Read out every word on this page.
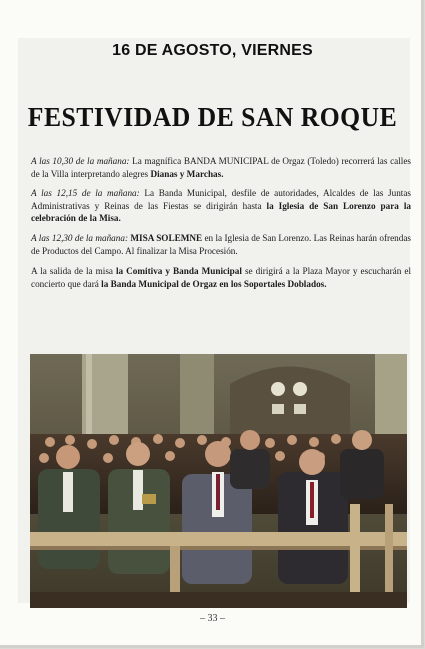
16 DE AGOSTO, VIERNES
FESTIVIDAD DE SAN ROQUE

A las 10,30 de la mañana: La magnífica BANDA MUNICIPAL de Orgaz (Toledo) recorrerá las calles de la Villa interpretando alegres Dianas y Marchas.

A las 12,15 de la mañana: La Banda Municipal, desfile de autoridades, Alcaldes de las Juntas Administrativas y Reinas de las Fiestas se dirigirán hasta la Iglesia de San Lorenzo para la celebración de la Misa.

A las 12,30 de la mañana: MISA SOLEMNE en la Iglesia de San Lorenzo. Las Reinas harán ofrendas de Productos del Campo. Al finalizar la Misa Procesión.

A la salida de la misa la Comitiva y Banda Municipal se dirigirá a la Plaza Mayor y escucharán el concierto que dará la Banda Municipal de Orgaz en los Soportales Doblados.

– 33 –
